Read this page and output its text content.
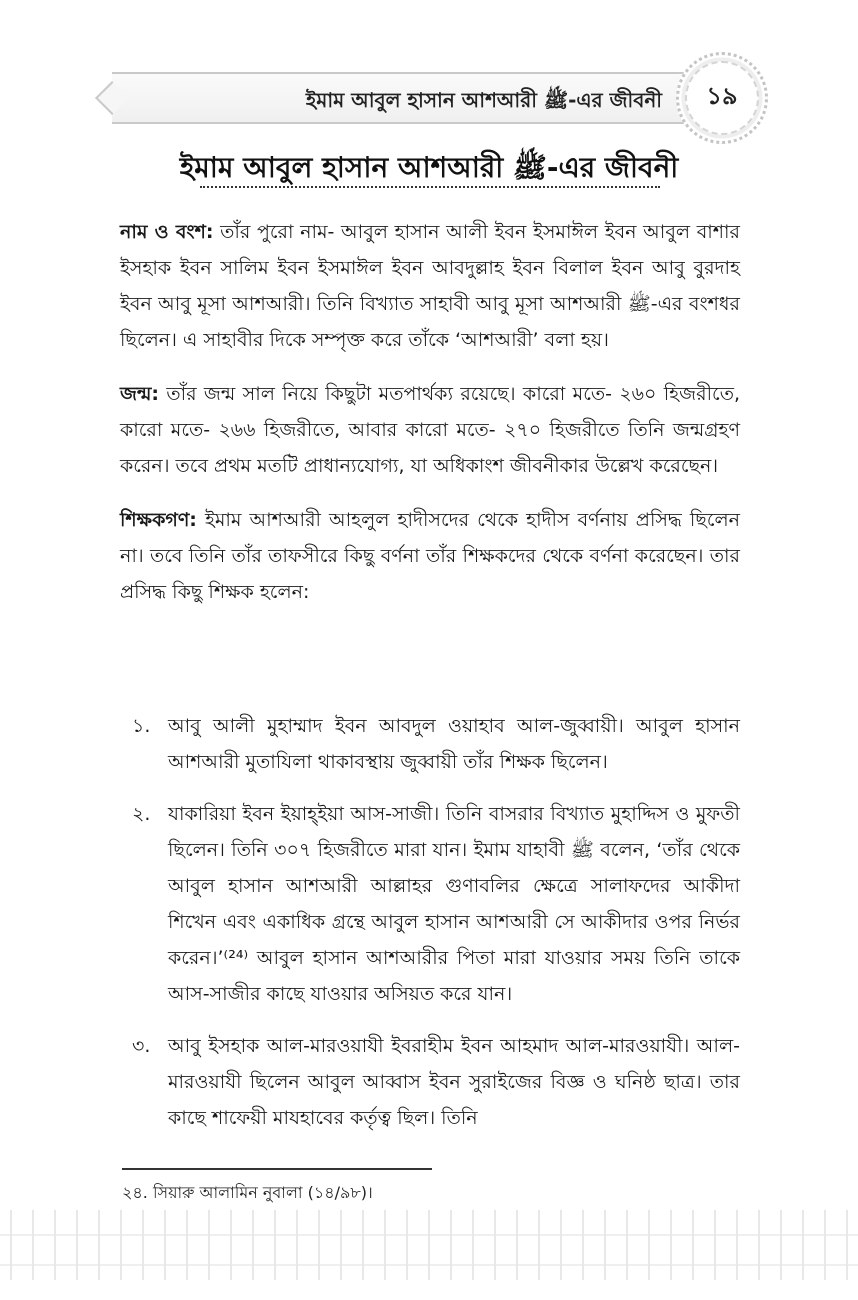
ইমাম আবুল হাসান আশআরী ﷺ-এর জীবনী ১৯
ইমাম আবুল হাসান আশআরী ﷺ-এর জীবনী

নাম ও বংশ: তাঁর পুরো নাম- আবুল হাসান আলী ইবন ইসমাঈল ইবন আবুল বাশার ইসহাক ইবন সালিম ইবন ইসমাঈল ইবন আবদুল্লাহ ইবন বিলাল ইবন আবু বুরদাহ ইবন আবু মূসা আশআরী। তিনি বিখ্যাত সাহাবী আবু মূসা আশআরী ﷺ-এর বংশধর ছিলেন। এ সাহাবীর দিকে সম্পৃক্ত করে তাঁকে ‘আশআরী’ বলা হয়।

জন্ম: তাঁর জন্ম সাল নিয়ে কিছুটা মতপার্থক্য রয়েছে। কারো মতে- ২৬০ হিজরীতে, কারো মতে- ২৬৬ হিজরীতে, আবার কারো মতে- ২৭০ হিজরীতে তিনি জন্মগ্রহণ করেন। তবে প্রথম মতটি প্রাধান্যযোগ্য, যা অধিকাংশ জীবনীকার উল্লেখ করেছেন।

শিক্ষকগণ: ইমাম আশআরী আহলুল হাদীসদের থেকে হাদীস বর্ণনায় প্রসিদ্ধ ছিলেন না। তবে তিনি তাঁর তাফসীরে কিছু বর্ণনা তাঁর শিক্ষকদের থেকে বর্ণনা করেছেন। তার প্রসিদ্ধ কিছু শিক্ষক হলেন:

১. আবু আলী মুহাম্মাদ ইবন আবদুল ওয়াহাব আল-জুব্বায়ী। আবুল হাসান আশআরী মুতাযিলা থাকাবস্থায় জুব্বায়ী তাঁর শিক্ষক ছিলেন।
২. যাকারিয়া ইবন ইয়াহ্ইয়া আস-সাজী। তিনি বাসরার বিখ্যাত মুহাদ্দিস ও মুফতী ছিলেন। তিনি ৩০৭ হিজরীতে মারা যান। ইমাম যাহাবী ﷺ বলেন, ‘তাঁর থেকে আবুল হাসান আশআরী আল্লাহর গুণাবলির ক্ষেত্রে সালাফদের আকীদা শিখেন এবং একাধিক গ্রন্থে আবুল হাসান আশআরী সে আকীদার ওপর নির্ভর করেন।’⁽²⁴⁾ আবুল হাসান আশআরীর পিতা মারা যাওয়ার সময় তিনি তাকে আস-সাজীর কাছে যাওয়ার অসিয়ত করে যান।
৩. আবু ইসহাক আল-মারওয়াযী ইবরাহীম ইবন আহমাদ আল-মারওয়াযী। আল-মারওয়াযী ছিলেন আবুল আব্বাস ইবন সুরাইজের বিজ্ঞ ও ঘনিষ্ঠ ছাত্র। তার কাছে শাফেয়ী মাযহাবের কর্তৃত্ব ছিল। তিনি
২৪. সিয়ারু আলামিন নুবালা (১৪/৯৮)।
